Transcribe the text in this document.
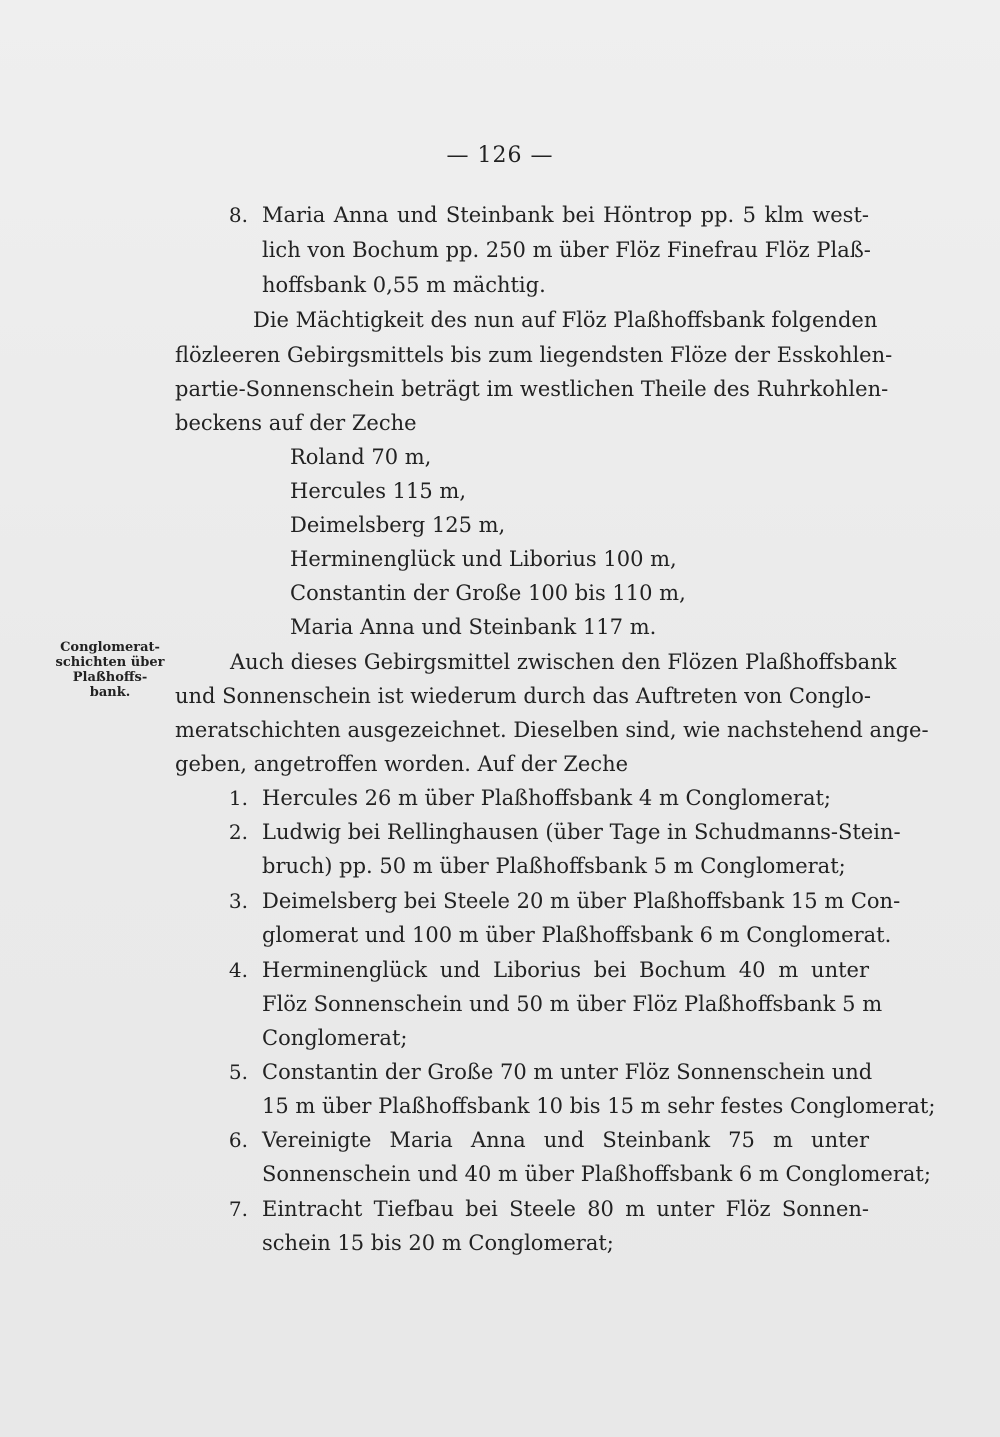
— 126 —
8. Maria Anna und Steinbank bei Höntrop pp. 5 klm west-
lich von Bochum pp. 250 m über Flöz Finefrau Flöz Plaß-
hoffsbank 0,55 m mächtig.
Die Mächtigkeit des nun auf Flöz Plaßhoffsbank folgenden
flözleeren Gebirgsmittels bis zum liegendsten Flöze der Esskohlen-
partie-Sonnenschein beträgt im westlichen Theile des Ruhrkohlen-
beckens auf der Zeche
Roland 70 m,
Hercules 115 m,
Deimelsberg 125 m,
Herminenglück und Liborius 100 m,
Constantin der Große 100 bis 110 m,
Maria Anna und Steinbank 117 m.
Conglomerat-
schichten über
Plaßhoffs-
bank.
Auch dieses Gebirgsmittel zwischen den Flözen Plaßhoffsbank
und Sonnenschein ist wiederum durch das Auftreten von Conglo-
meratschichten ausgezeichnet. Dieselben sind, wie nachstehend ange-
geben, angetroffen worden. Auf der Zeche
1. Hercules 26 m über Plaßhoffsbank 4 m Conglomerat;
2. Ludwig bei Rellinghausen (über Tage in Schudmanns-Stein-
bruch) pp. 50 m über Plaßhoffsbank 5 m Conglomerat;
3. Deimelsberg bei Steele 20 m über Plaßhoffsbank 15 m Con-
glomerat und 100 m über Plaßhoffsbank 6 m Conglomerat.
4. Herminenglück und Liborius bei Bochum 40 m unter
Flöz Sonnenschein und 50 m über Flöz Plaßhoffsbank 5 m
Conglomerat;
5. Constantin der Große 70 m unter Flöz Sonnenschein und
15 m über Plaßhoffsbank 10 bis 15 m sehr festes Conglomerat;
6. Vereinigte Maria Anna und Steinbank 75 m unter
Sonnenschein und 40 m über Plaßhoffsbank 6 m Conglomerat;
7. Eintracht Tiefbau bei Steele 80 m unter Flöz Sonnen-
schein 15 bis 20 m Conglomerat;
